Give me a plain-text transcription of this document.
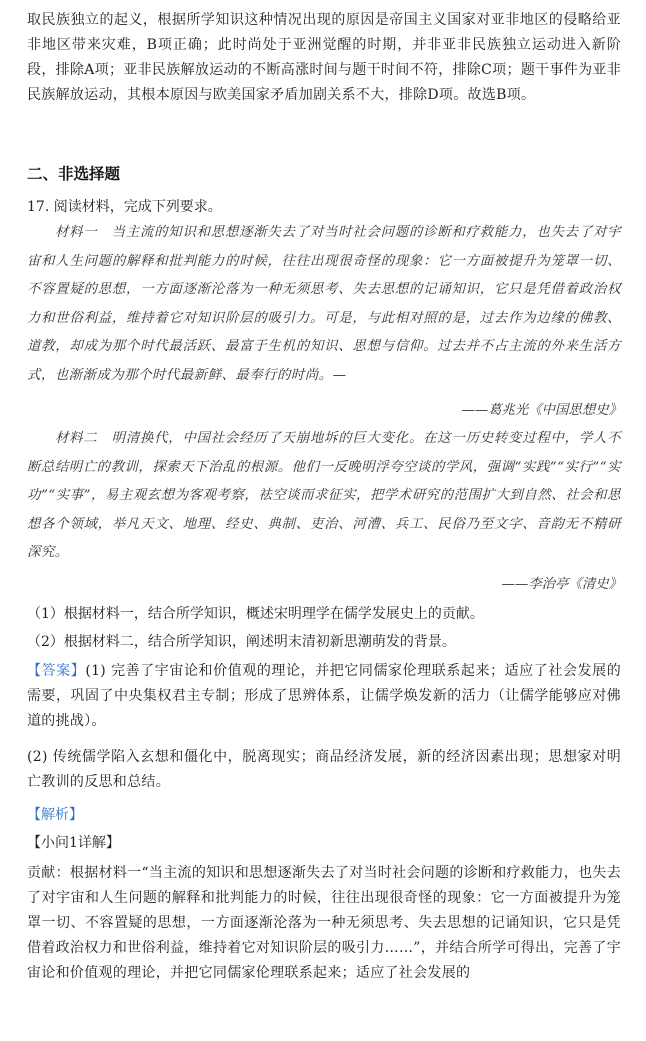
取民族独立的起义，根据所学知识这种情况出现的原因是帝国主义国家对亚非地区的侵略给亚非地区带来灾难，B项正确；此时尚处于亚洲觉醒的时期，并非亚非民族独立运动进入新阶段，排除A项；亚非民族解放运动的不断高涨时间与题干时间不符，排除C项；题干事件为亚非民族解放运动，其根本原因与欧美国家矛盾加剧关系不大，排除D项。故选B项。

二、非选择题

17. 阅读材料，完成下列要求。

材料一　 当主流的知识和思想逐渐失去了对当时社会问题的诊断和疗救能力，也失去了对宇宙和人生问题的解释和批判能力的时候，往往出现很奇怪的现象：它一方面被提升为笼罩一切、不容置疑的思想，一方面逐渐沦落为一种无须思考、失去思想的记诵知识，它只是凭借着政治权力和世俗利益，维持着它对知识阶层的吸引力。可是，与此相对照的是，过去作为边缘的佛教、道教，却成为那个时代最活跃、最富于生机的知识、思想与信仰。过去并不占主流的外来生活方式，也渐渐成为那个时代最新鲜、最奉行的时尚。—

——葛兆光《中国思想史》

材料二　 明清换代，中国社会经历了天崩地坼的巨大变化。在这一历史转变过程中，学人不断总结明亡的教训，探索天下治乱的根源。他们一反晚明浮夸空谈的学风，强调“实践”“实行”“实功”“实事”，易主观玄想为客观考察，祛空谈而求征实，把学术研究的范围扩大到自然、社会和思想各个领域，举凡天文、地理、经史、典制、吏治、河漕、兵工、民俗乃至文字、音韵无不精研深究。

——李治亭《清史》

（1）根据材料一，结合所学知识，概述宋明理学在儒学发展史上的贡献。

（2）根据材料二，结合所学知识，阐述明末清初新思潮萌发的背景。

【答案】(1) 完善了宇宙论和价值观的理论，并把它同儒家伦理联系起来；适应了社会发展的需要，巩固了中央集权君主专制；形成了思辨体系，让儒学焕发新的活力（让儒学能够应对佛道的挑战）。

(2) 传统儒学陷入玄想和僵化中，脱离现实；商品经济发展，新的经济因素出现；思想家对明亡教训的反思和总结。

【解析】

【小问1详解】

贡献：根据材料一“当主流的知识和思想逐渐失去了对当时社会问题的诊断和疗救能力，也失去了对宇宙和人生问题的解释和批判能力的时候，往往出现很奇怪的现象：它一方面被提升为笼罩一切、不容置疑的思想，一方面逐渐沦落为一种无须思考、失去思想的记诵知识，它只是凭借着政治权力和世俗利益，维持着它对知识阶层的吸引力……”，并结合所学可得出，完善了宇宙论和价值观的理论，并把它同儒家伦理联系起来；适应了社会发展的
